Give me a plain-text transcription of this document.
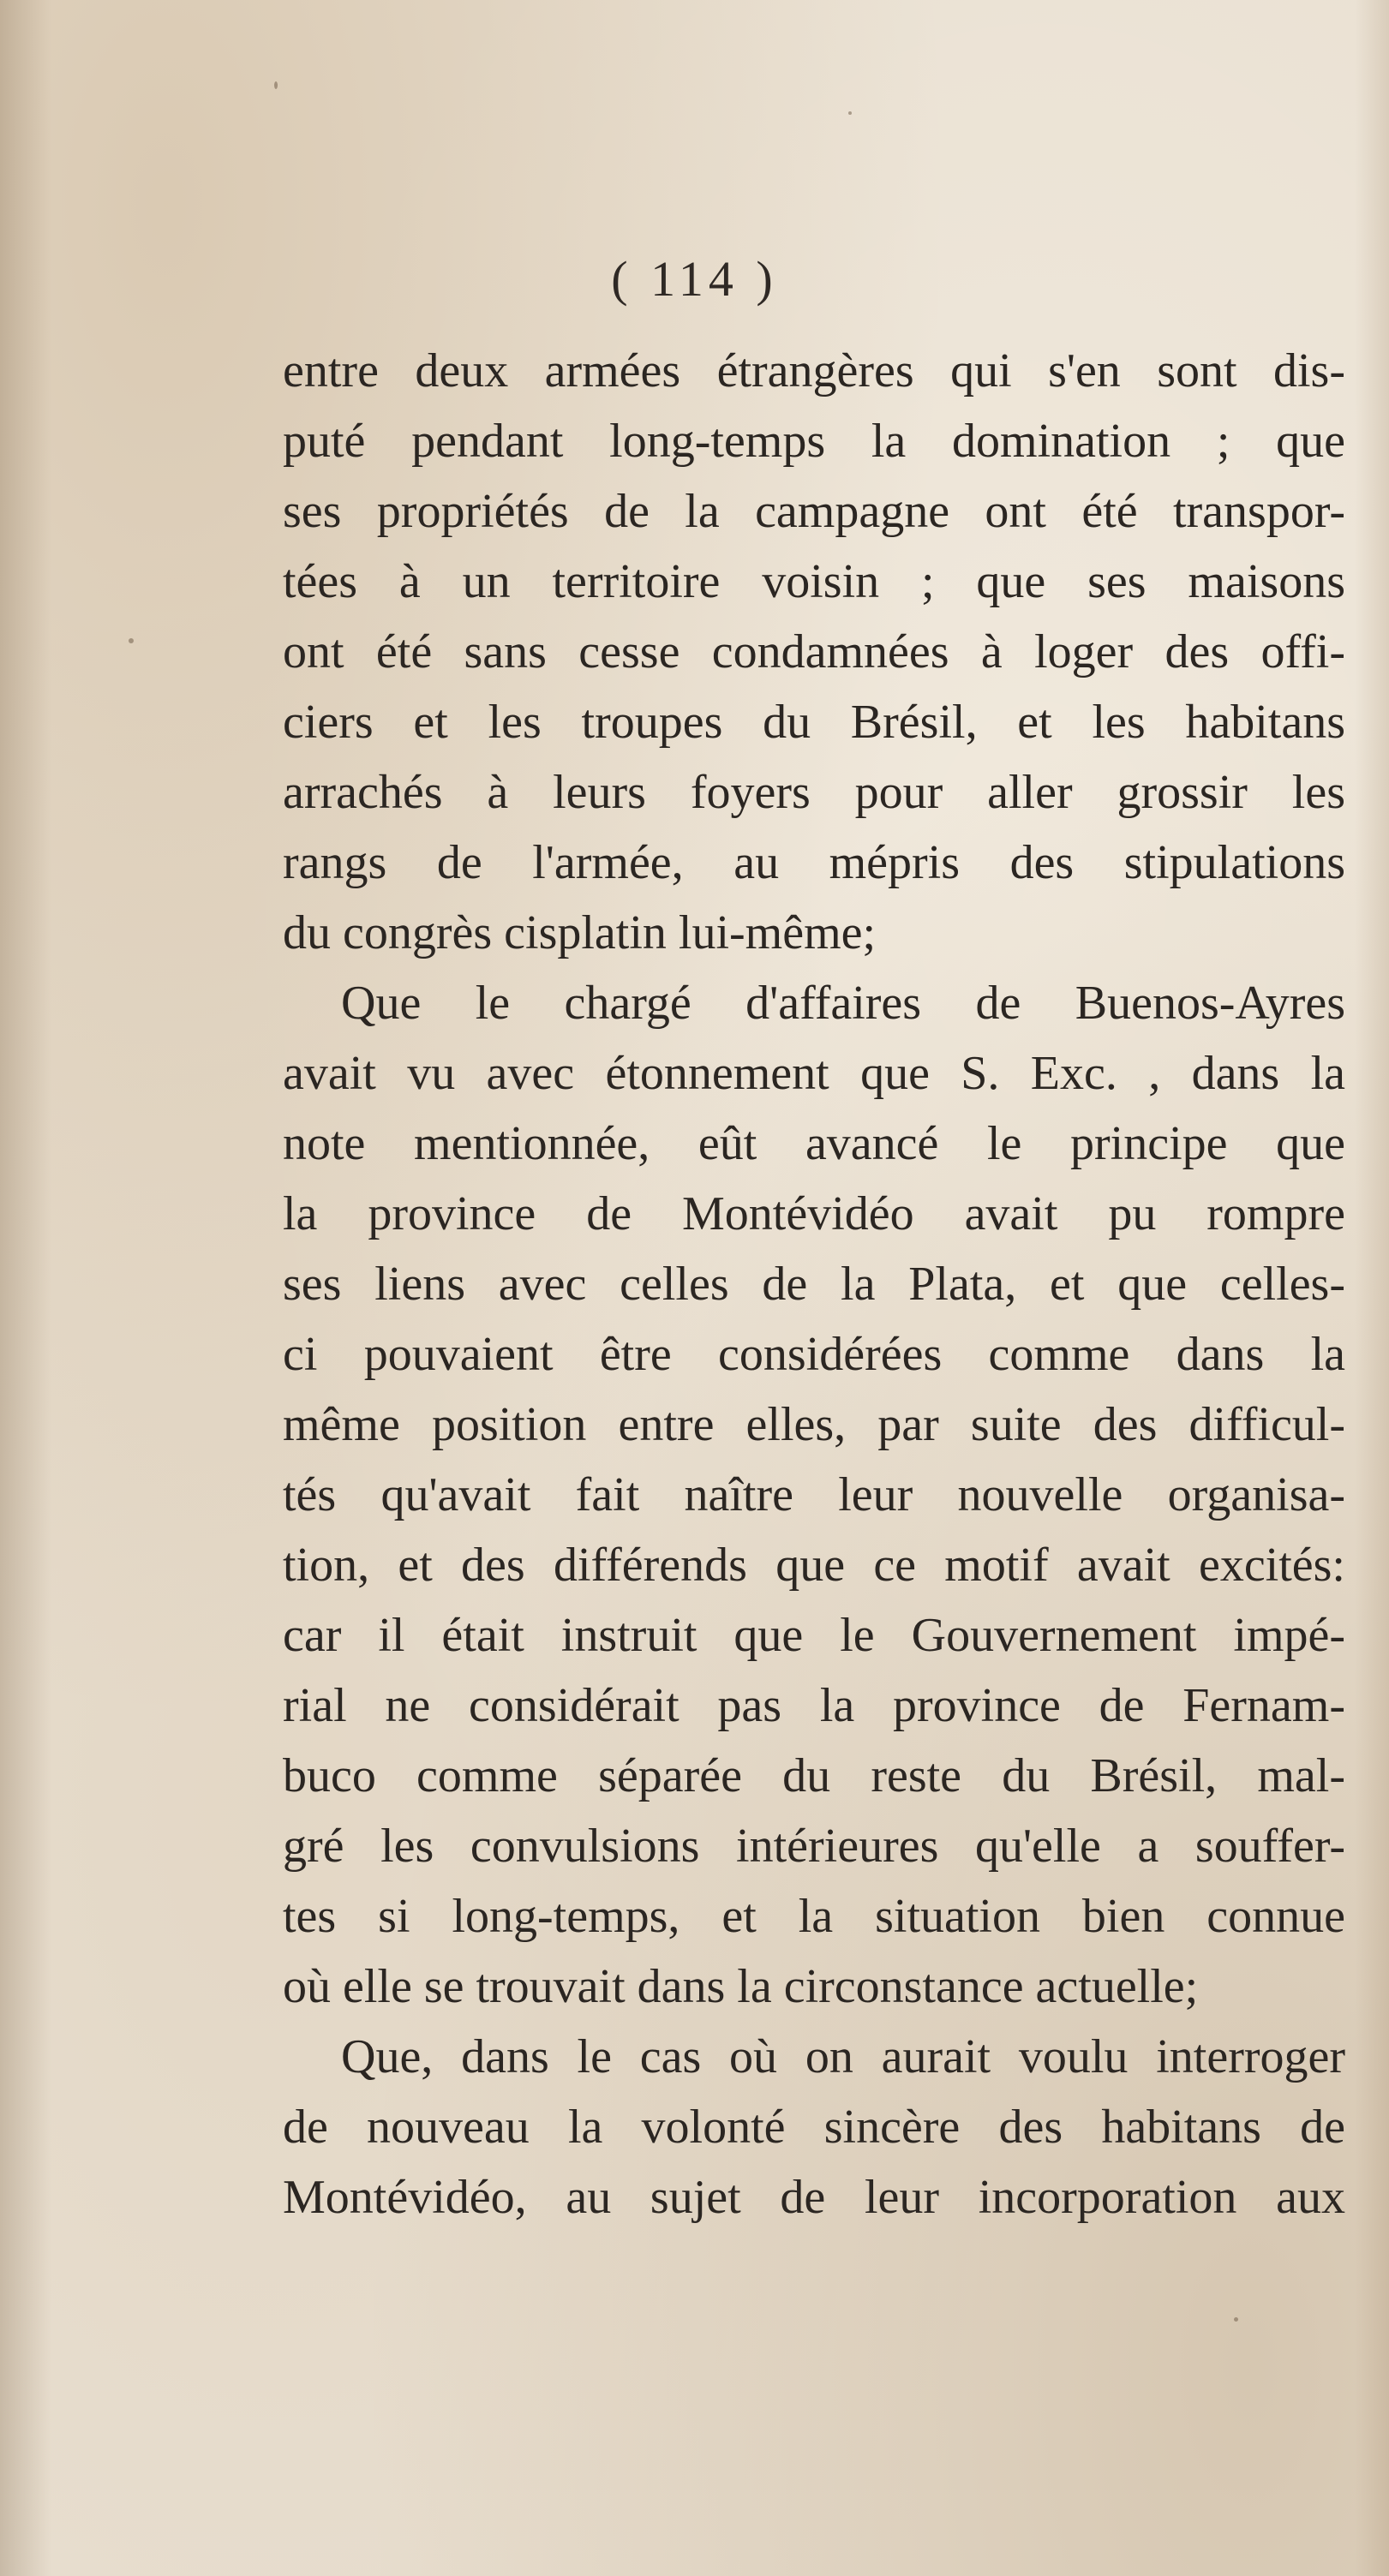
( 114 )
entre deux armées étrangères qui s'en sont dis-
puté pendant long-temps la domination ; que
ses propriétés de la campagne ont été transpor-
tées à un territoire voisin ; que ses maisons
ont été sans cesse condamnées à loger des offi-
ciers et les troupes du Brésil, et les habitans
arrachés à leurs foyers pour aller grossir les
rangs de l'armée, au mépris des stipulations
du congrès cisplatin lui-même;
Que le chargé d'affaires de Buenos-Ayres
avait vu avec étonnement que S. Exc. , dans la
note mentionnée, eût avancé le principe que
la province de Montévidéo avait pu rompre
ses liens avec celles de la Plata, et que celles-
ci pouvaient être considérées comme dans la
même position entre elles, par suite des difficul-
tés qu'avait fait naître leur nouvelle organisa-
tion, et des différends que ce motif avait excités:
car il était instruit que le Gouvernement impé-
rial ne considérait pas la province de Fernam-
buco comme séparée du reste du Brésil, mal-
gré les convulsions intérieures qu'elle a souffer-
tes si long-temps, et la situation bien connue
où elle se trouvait dans la circonstance actuelle;
Que, dans le cas où on aurait voulu interroger
de nouveau la volonté sincère des habitans de
Montévidéo, au sujet de leur incorporation aux
